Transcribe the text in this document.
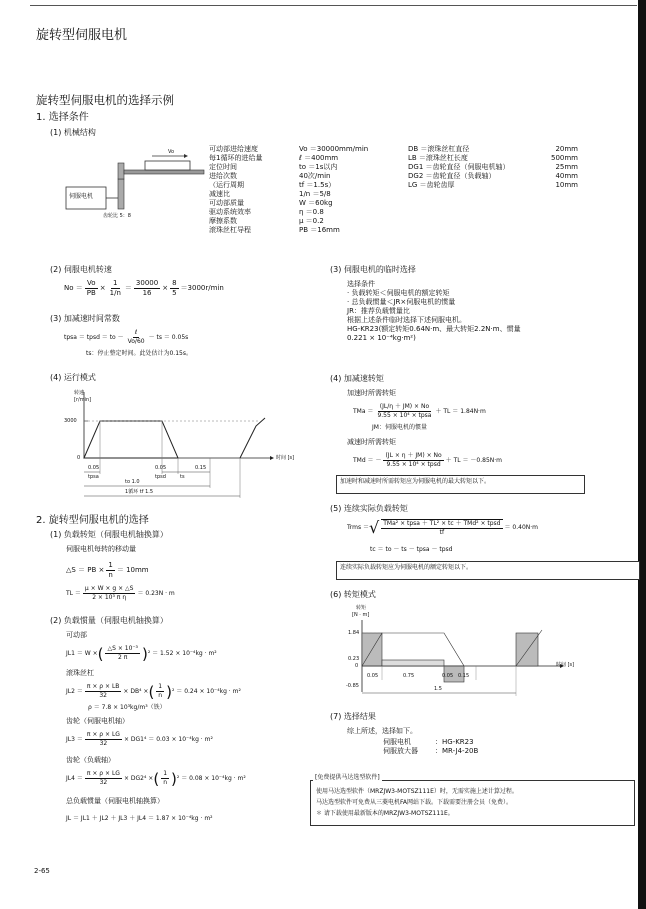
旋转型伺服电机
旋转型伺服电机的选择示例
1. 选择条件
(1) 机械结构
伺服电机
齿轮比 5：8
Vo	可动部进给速度	Vo ＝30000mm/min
每1循环的进给量	ℓ ＝400mm
定位时间	to ＝1s以内
进给次数	40次/min
（运行周期	tf ＝1.5s）
减速比	1/n ＝5/8
可动部质量	W ＝60kg
驱动系统效率	η ＝0.8
摩擦系数	μ ＝0.2
滚珠丝杠导程	PB ＝16mm
DB ＝滚珠丝杠直径	20mm
LB ＝滚珠丝杠长度	500mm
DG1 ＝齿轮直径（伺服电机轴）	25mm
DG2 ＝齿轮直径（负载轴）	40mm
LG ＝齿轮齿厚	10mm
(2) 伺服电机转速
$No = \frac{Vo}{PB} \times \frac{1}{1/n} = \frac{30000}{16} \times \frac{8}{5} =3000r/\min$
(3) 加减速时间常数
tpsa ＝ tpsd ＝ to － $\frac{\text{ℓ}}{Vo/60}$ － ts ＝ 0.05s
ts：停止整定时间。此处估计为0.15s。
(4) 运行模式
转速
[r/min]
3000
0	时间 [s]
0.05	0.05	0.15
tpsa	tpsd	ts
to 1.0
1循环 tf 1.5
(3) 伺服电机的临时选择
选择条件
· 负载转矩＜伺服电机的额定转矩
· 总负载惯量＜JR×伺服电机的惯量
JR：推荐负载惯量比
根据上述条件临时选择下述伺服电机。
HG-KR23(额定转矩0.64N·m、最大转矩2.2N·m、惯量
0.221 × 10⁻⁴kg·m²)
(4) 加减速转矩
加速时所需转矩
TMa ＝ $\frac{(JL/\eta + JM) \times No}{\text{9.55 × 10⁴ × tpsa}}$ ＋ TL ＝ 1.84N·m
JM：伺服电机的惯量
减速时所需转矩
TMd ＝ － $\frac{(JL \times \eta + JM) \times No}{\text{9.55 × 10⁴ × tpsd}}$ ＋ TL ＝ －0.85N·m
加速时和减速时所需转矩应为伺服电机的最大转矩以下。
(5) 连续实际负载转矩
Trms ＝ √ $\frac{\text{TMa² × tpsa ＋ TL² × tc ＋ TMd² × tpsd}}{tf} = 0.40N\cdot m$
tc ＝ to － ts － tpsa － tpsd
连续实际负载转矩应为伺服电机的额定转矩以下。
(6) 转矩模式
转矩
[N · m]
1.84
0.23
0
-0.85
时间 [s]
0.05	0.75	0.05 0.15
1.5
(7) 选择结果
综上所述，选择如下。
伺服电机	：HG-KR23
伺服放大器	：MR-J4-20B
[免费提供马达选型软件]
使用马达选型软件（MRZJW3-MOTSZ111E）时，无需实施上述计算过程。
马达选型软件可免费从三菱电机FA网站下载。下载需要注册会员（免费）。
＊ 请下载使用最新版本的MRZJW3-MOTSZ111E。
2. 旋转型伺服电机的选择
(1) 负载转矩（伺服电机轴换算）
伺服电机每转的移动量
△S ＝ PB × $\frac{1}{n} = 10mm$
TL ＝ $\frac{\mu \times W \times g \times \triangle S}{\text{2 × 10³ π η}} = 0.23N \cdot m$
(2) 负载惯量（伺服电机轴换算）
可动部
JL1 ＝ W × ( $\frac{\text{△S × 10⁻³}}{2 \pi}$ ) ² ＝ 1.52 × 10⁻⁴kg · m²
滚珠丝杠
$JL2 = \frac{\pi \times \rho \times LB}{32} \times DB^4$ × ( $\frac{1}{n}$ ) ² ＝ 0.24 × 10⁻⁴kg · m²
ρ ＝ 7.8 × 10³kg/m³（铁）
齿轮（伺服电机轴）
$JL3 = \frac{\pi \times \rho \times LG}{32} \times DG1^4 = 0.03 \times 10^{-4}kg \cdot m^2$
齿轮（负载轴）
$JL4 = \frac{\pi \times \rho \times LG}{32} \times DG2^4$ × ( $\frac{1}{n}$ ) ² ＝ 0.08 × 10⁻⁴kg · m²
总负载惯量（伺服电机轴换算）
JL ＝ JL1 ＋ JL2 ＋ JL3 ＋ JL4 ＝ 1.87 × 10⁻⁴kg · m²
2-65
